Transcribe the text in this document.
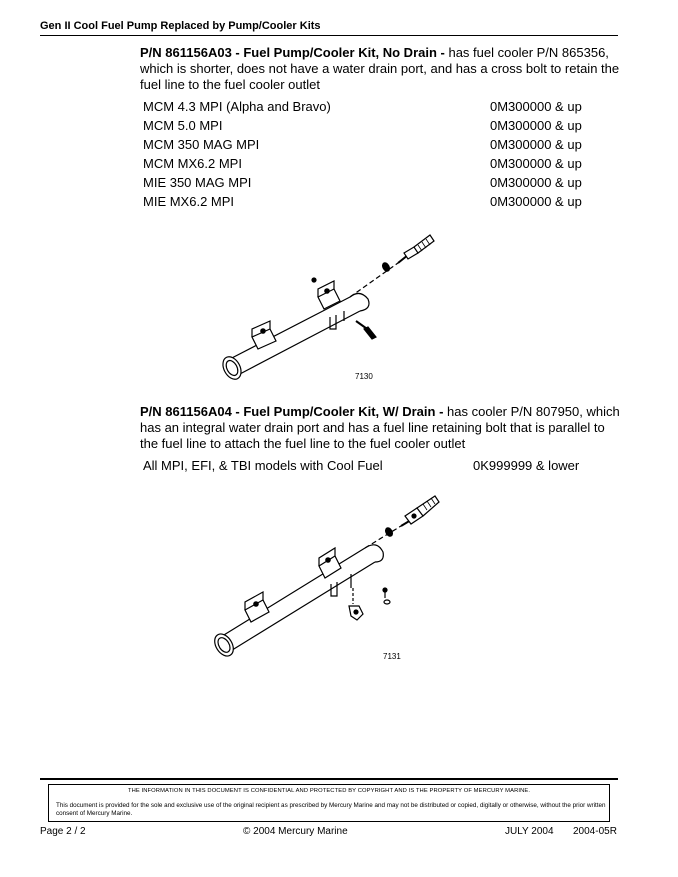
Gen II Cool Fuel Pump Replaced by Pump/Cooler Kits
P/N 861156A03 - Fuel Pump/Cooler Kit, No Drain - has fuel cooler P/N 865356, which is shorter, does not have a water drain port, and has a cross bolt to retain the fuel line to the fuel cooler outlet
MCM 4.3 MPI (Alpha and Bravo)	0M300000 & up
MCM 5.0 MPI	0M300000 & up
MCM 350 MAG MPI	0M300000 & up
MCM MX6.2 MPI	0M300000 & up
MIE 350 MAG MPI	0M300000 & up
MIE MX6.2 MPI	0M300000 & up
7130
P/N 861156A04 - Fuel Pump/Cooler Kit, W/ Drain - has cooler P/N 807950, which has an integral water drain port and has a fuel line retaining bolt that is parallel to the fuel line to attach the fuel line to the fuel cooler outlet
All MPI, EFI, & TBI models with Cool Fuel	0K999999 & lower
7131
THE INFORMATION IN THIS DOCUMENT IS CONFIDENTIAL AND PROTECTED BY COPYRIGHT AND IS THE PROPERTY OF MERCURY MARINE.
This document is provided for the sole and exclusive use of the original recipient as prescribed by Mercury Marine and may not be distributed or copied, digitally or otherwise, without the prior written consent of Mercury Marine.
Page 2 / 2	© 2004 Mercury Marine	JULY 2004 2004-05R
